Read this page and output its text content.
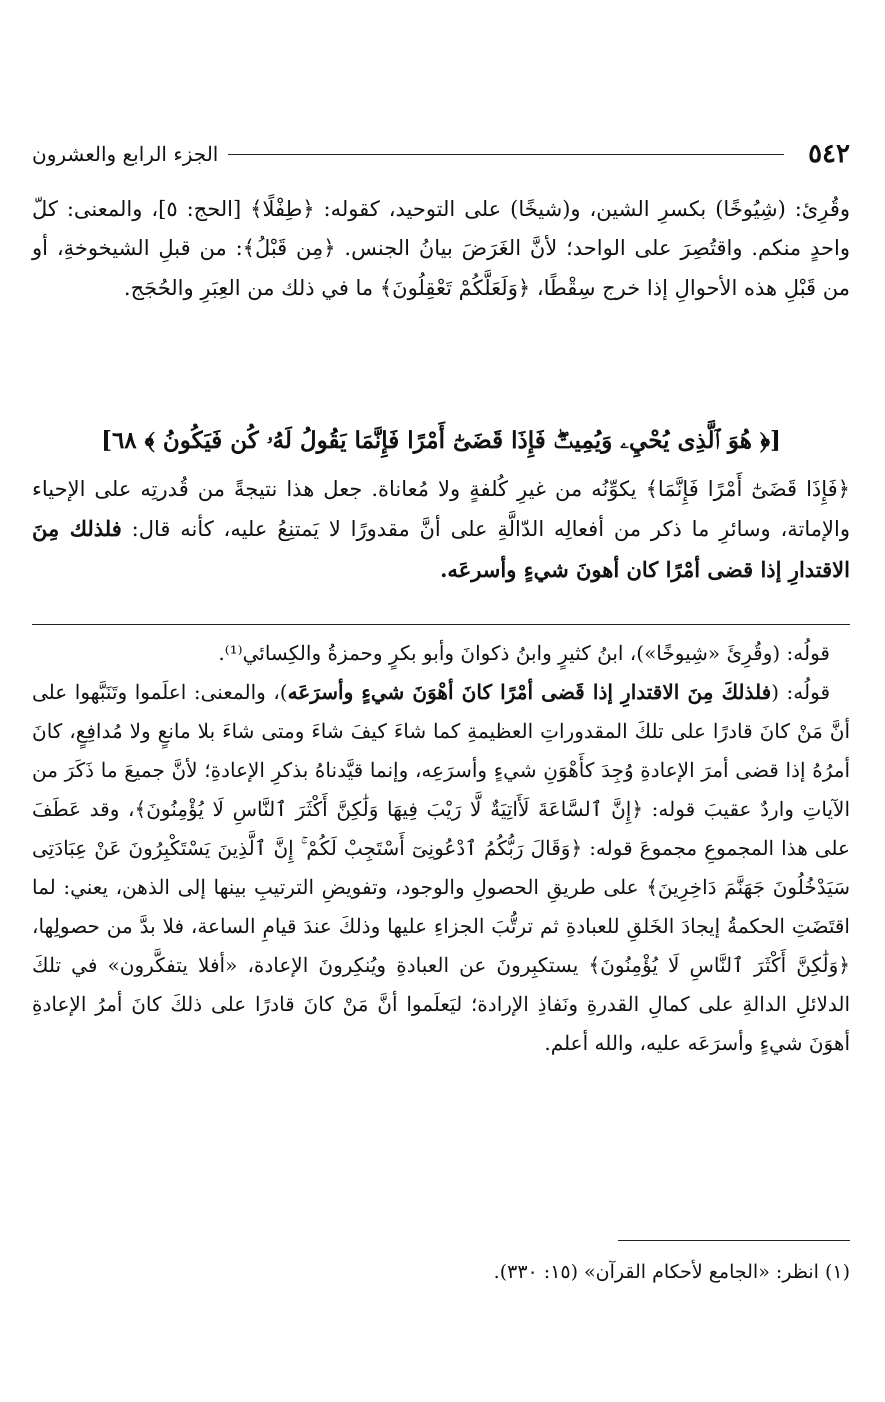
٥٤٢
الجزء الرابع والعشرون

وقُرِئ: (شِيُوخًا) بكسرِ الشين، و(شيخًا) على التوحيد، كقوله: ﴿طِفْلًا﴾ [الحج: ٥]، والمعنى: كلّ واحدٍ منكم. واقتُصِرَ على الواحد؛ لأنَّ الغَرَضَ بيانُ الجنس. ﴿مِن قَبْلُ﴾: من قبلِ الشيخوخةِ، أو من قَبْلِ هذه الأحوالِ إذا خرج سِقْطًا، ﴿وَلَعَلَّكُمْ تَعْقِلُونَ﴾ ما في ذلك من العِبَرِ والحُجَج.

[﴿ هُوَ ٱلَّذِى يُحْيِۦ وَيُمِيتُۖ فَإِذَا قَضَىٰٓ أَمْرًا فَإِنَّمَا يَقُولُ لَهُۥ كُن فَيَكُونُ ﴾ ٦٨]

﴿فَإِذَا قَضَىٰٓ أَمْرًا فَإِنَّمَا﴾ يكوِّنُه من غيرِ كُلفةٍ ولا مُعاناة. جعل هذا نتيجةً من قُدرتِه على الإحياء والإماتة، وسائرِ ما ذكر من أفعالِه الدّالَّةِ على أنَّ مقدورًا لا يَمتنِعُ عليه، كأنه قال: فلذلك مِنَ الاقتدارِ إذا قضى أمْرًا كان أهونَ شيءٍ وأسرعَه.

قولُه: (وقُرِئَ «شِيوخًا»)، ابنُ كثيرٍ وابنُ ذكوانَ وأبو بكرٍ وحمزةُ والكِسائي⁽¹⁾.

قولُه: (فلذلكَ مِنَ الاقتدارِ إذا قَضى أمْرًا كانَ أهْوَنَ شيءٍ وأسرَعَه)، والمعنى: اعلَموا وتَنَبَّهوا على أنَّ مَنْ كانَ قادرًا على تلكَ المقدوراتِ العظيمةِ كما شاءَ كيفَ شاءَ ومتى شاءَ بلا مانعٍ ولا مُدافِعٍ، كانَ أمرُهُ إذا قضى أمرَ الإعادةِ وُجِدَ كأَهْوَنِ شيءٍ وأسرَعِه، وإنما قيَّدناهُ بذكرِ الإعادةِ؛ لأنَّ جميعَ ما ذَكَرَ من الآياتِ واردٌ عقيبَ قوله: ﴿إِنَّ ٱلسَّاعَةَ لَأَاتِيَةٌ لَّا رَيْبَ فِيهَا وَلَٰكِنَّ أَكْثَرَ ٱلنَّاسِ لَا يُؤْمِنُونَ﴾، وقد عَطَفَ على هذا المجموعِ مجموعَ قوله: ﴿وَقَالَ رَبُّكُمُ ٱدْعُونِىٓ أَسْتَجِبْ لَكُمْ ۚ إِنَّ ٱلَّذِينَ يَسْتَكْبِرُونَ عَنْ عِبَادَتِى سَيَدْخُلُونَ جَهَنَّمَ دَاخِرِينَ﴾ على طريقِ الحصولِ والوجود، وتفويضِ الترتيبِ بينها إلى الذهن، يعني: لما اقتَضَتِ الحكمةُ إيجادَ الخَلقِ للعبادةِ ثم ترتُّبَ الجزاءِ عليها وذلكَ عندَ قيامِ الساعة، فلا بدَّ من حصولِها، ﴿وَلَٰكِنَّ أَكْثَرَ ٱلنَّاسِ لَا يُؤْمِنُونَ﴾ يستكبِرونَ عن العبادةِ ويُنكِرونَ الإعادة، «أفلا يتفكَّرون» في تلكَ الدلائلِ الدالةِ على كمالِ القدرةِ ونَفاذِ الإرادة؛ ليَعلَموا أنَّ مَنْ كانَ قادرًا على ذلكَ كانَ أمرُ الإعادةِ أهوَنَ شيءٍ وأسرَعَه عليه، والله أعلم.

(١) انظر: «الجامع لأحكام القرآن» (١٥: ٣٣٠).
